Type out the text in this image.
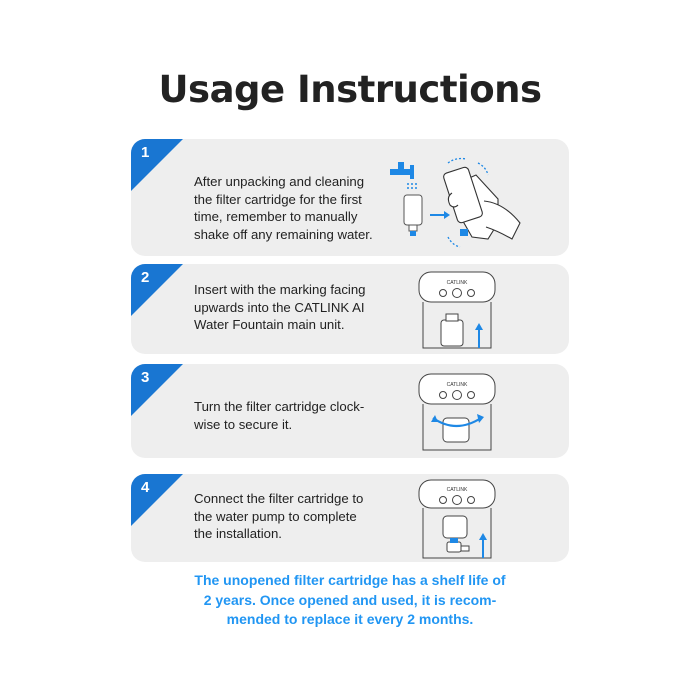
Usage Instructions
1
After unpacking and cleaning
the filter cartridge for the first
time, remember to manually
shake off any remaining water.
2
Insert with the marking facing
upwards into the CATLINK AI
Water Fountain main unit.
CATLINK
3
Turn the filter cartridge clock-
wise to secure it.
CATLINK
4
Connect the filter cartridge to
the water pump to complete
the installation.
CATLINK
The unopened filter cartridge has a shelf life of
2 years. Once opened and used, it is recom-
mended to replace it every 2 months.
